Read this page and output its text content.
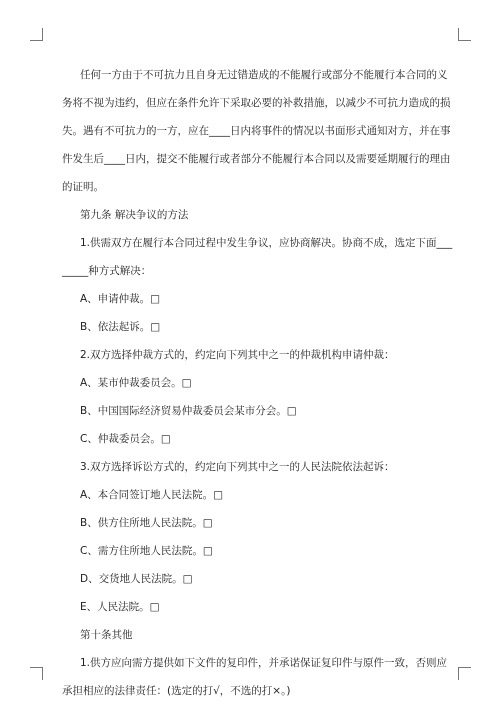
任何一方由于不可抗力且自身无过错造成的不能履行或部分不能履行本合同的义
务将不视为违约，但应在条件允许下采取必要的补救措施，以减少不可抗力造成的损
失。遇有不可抗力的一方，应在____日内将事件的情况以书面形式通知对方，并在事
件发生后____日内，提交不能履行或者部分不能履行本合同以及需要延期履行的理由
的证明。
第九条 解决争议的方法
1.供需双方在履行本合同过程中发生争议，应协商解决。协商不成，选定下面___
_____种方式解决：
A、申请仲裁。□
B、依法起诉。□
2.双方选择仲裁方式的，约定向下列其中之一的仲裁机构申请仲裁：
A、某市仲裁委员会。□
B、中国国际经济贸易仲裁委员会某市分会。□
C、仲裁委员会。□
3.双方选择诉讼方式的，约定向下列其中之一的人民法院依法起诉：
A、本合同签订地人民法院。□
B、供方住所地人民法院。□
C、需方住所地人民法院。□
D、交货地人民法院。□
E、人民法院。□
第十条其他
1.供方应向需方提供如下文件的复印件，并承诺保证复印件与原件一致，否则应
承担相应的法律责任：(选定的打√，不选的打×。)
